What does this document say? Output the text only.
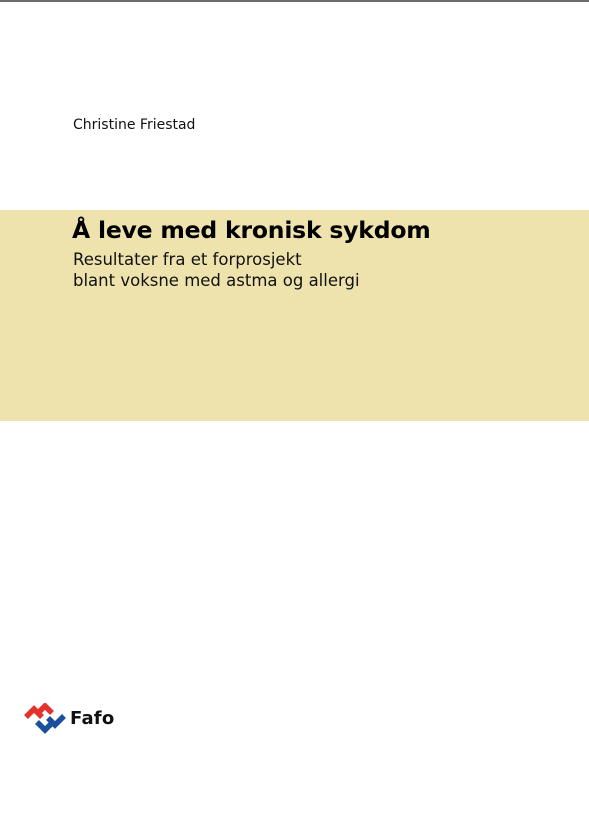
Christine Friestad
Å leve med kronisk sykdom
Resultater fra et forprosjekt
blant voksne med astma og allergi
Fafo
